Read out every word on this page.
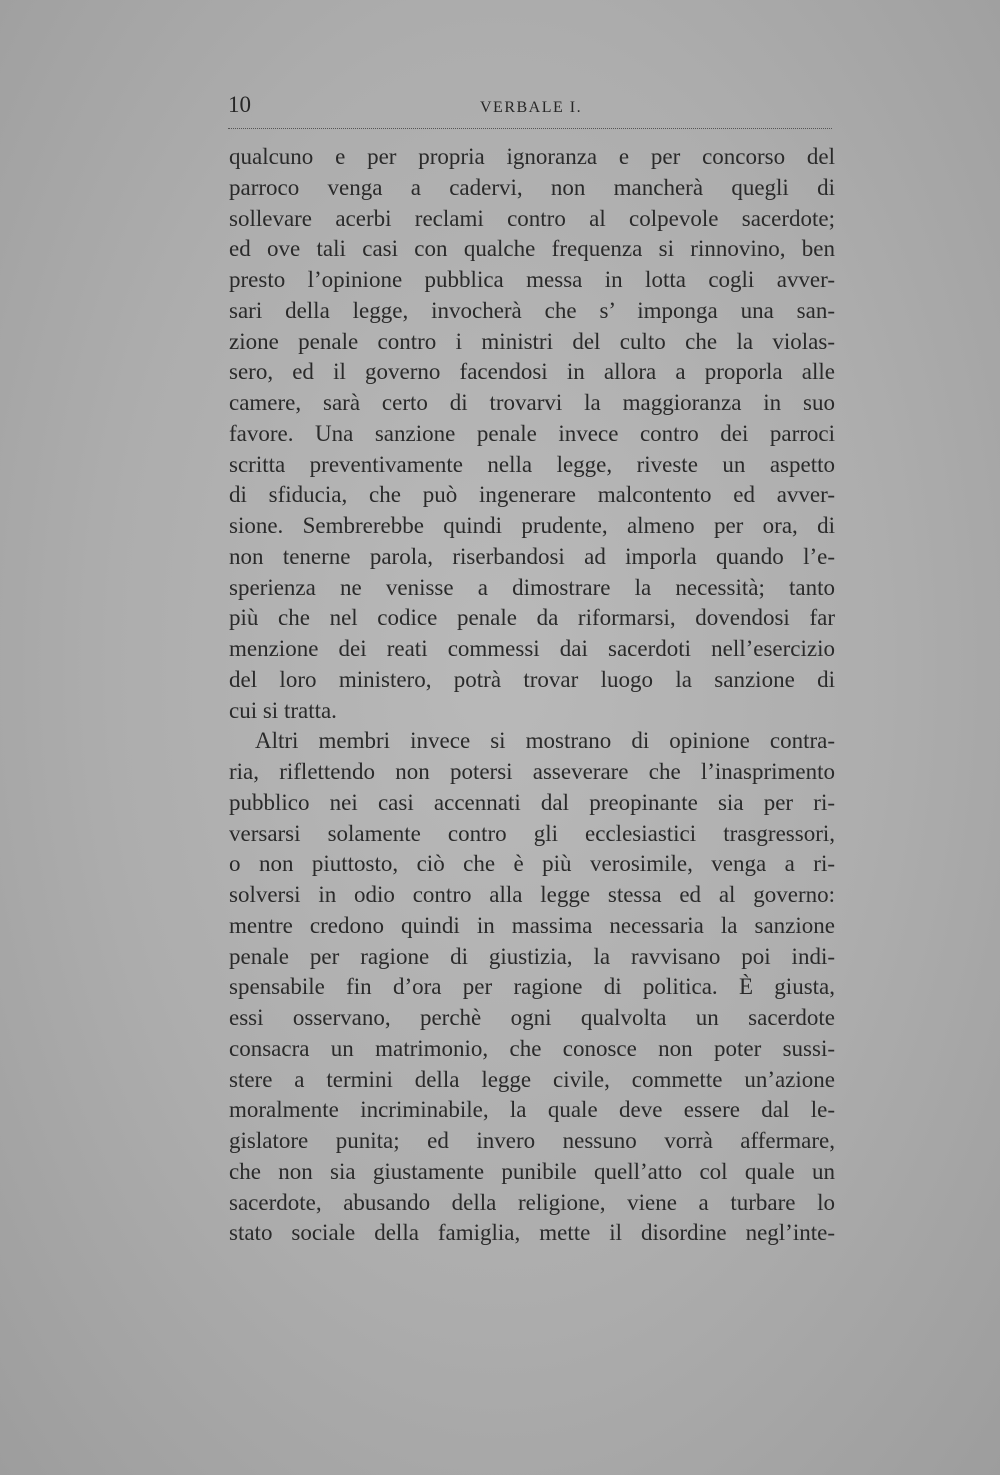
10	VERBALE I.
qualcuno e per propria ignoranza e per concorso del
parroco venga a cadervi, non mancherà quegli di
sollevare acerbi reclami contro al colpevole sacerdote;
ed ove tali casi con qualche frequenza si rinnovino, ben
presto l’opinione pubblica messa in lotta cogli avver-
sari della legge, invocherà che s’ imponga una san-
zione penale contro i ministri del culto che la violas-
sero, ed il governo facendosi in allora a proporla alle
camere, sarà certo di trovarvi la maggioranza in suo
favore. Una sanzione penale invece contro dei parroci
scritta preventivamente nella legge, riveste un aspetto
di sfiducia, che può ingenerare malcontento ed avver-
sione. Sembrerebbe quindi prudente, almeno per ora, di
non tenerne parola, riserbandosi ad imporla quando l’e-
sperienza ne venisse a dimostrare la necessità; tanto
più che nel codice penale da riformarsi, dovendosi far
menzione dei reati commessi dai sacerdoti nell’esercizio
del loro ministero, potrà trovar luogo la sanzione di
cui si tratta.
Altri membri invece si mostrano di opinione contra-
ria, riflettendo non potersi asseverare che l’inasprimento
pubblico nei casi accennati dal preopinante sia per ri-
versarsi solamente contro gli ecclesiastici trasgressori,
o non piuttosto, ciò che è più verosimile, venga a ri-
solversi in odio contro alla legge stessa ed al governo:
mentre credono quindi in massima necessaria la sanzione
penale per ragione di giustizia, la ravvisano poi indi-
spensabile fin d’ora per ragione di politica. È giusta,
essi osservano, perchè ogni qualvolta un sacerdote
consacra un matrimonio, che conosce non poter sussi-
stere a termini della legge civile, commette un’azione
moralmente incriminabile, la quale deve essere dal le-
gislatore punita; ed invero nessuno vorrà affermare,
che non sia giustamente punibile quell’atto col quale un
sacerdote, abusando della religione, viene a turbare lo
stato sociale della famiglia, mette il disordine negl’inte-
